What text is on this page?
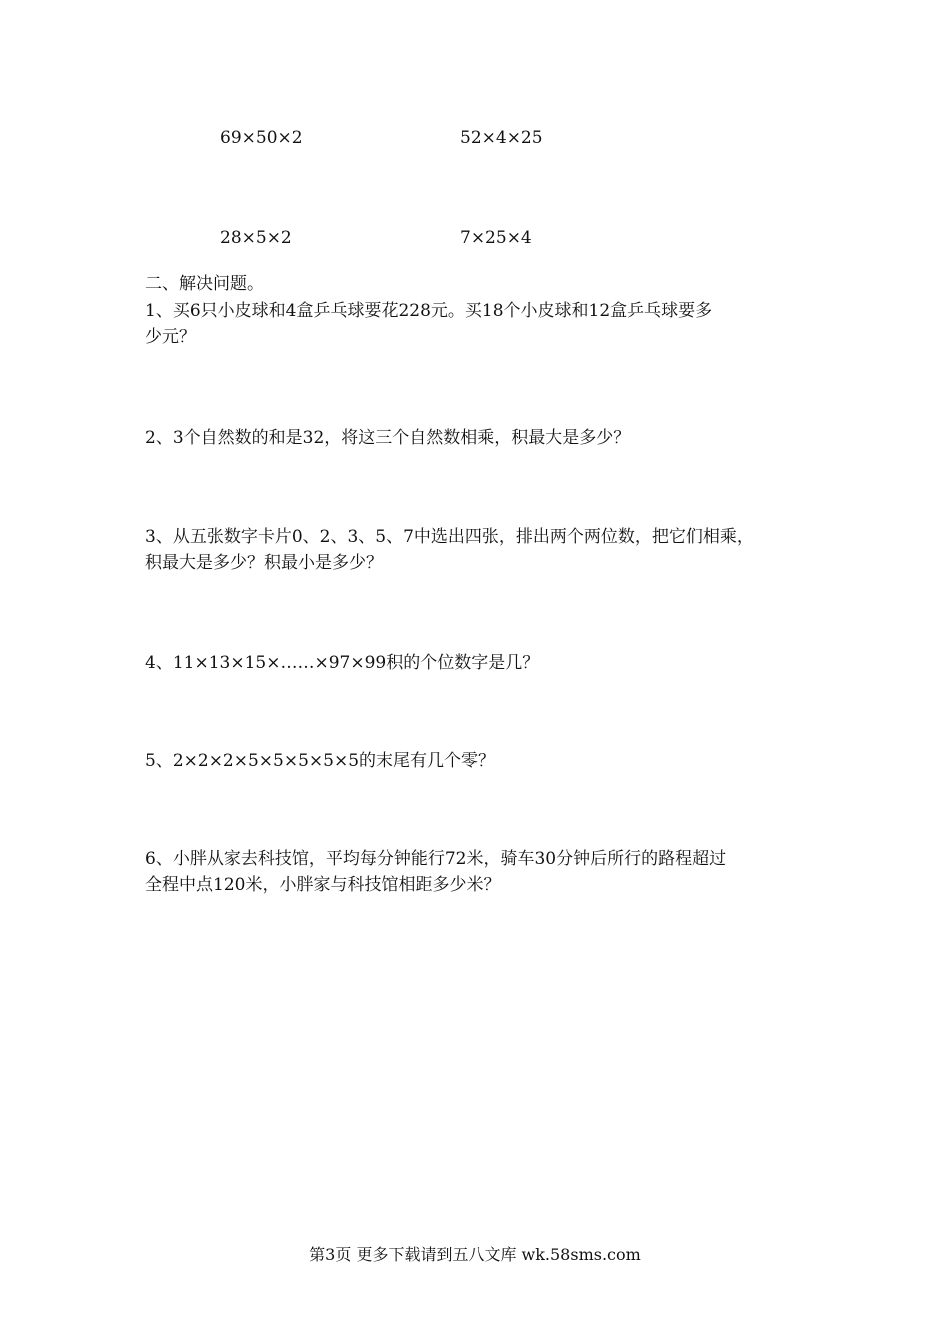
69×50×2	52×4×25
28×5×2	7×25×4
二、解决问题。
1、买6只小皮球和4盒乒乓球要花228元。买18个小皮球和12盒乒乓球要多
少元？
2、3个自然数的和是32，将这三个自然数相乘，积最大是多少？
3、从五张数字卡片0、2、3、5、7中选出四张，排出两个两位数，把它们相乘，
积最大是多少？积最小是多少？
4、11×13×15×……×97×99积的个位数字是几？
5、2×2×2×5×5×5×5×5的末尾有几个零？
6、小胖从家去科技馆，平均每分钟能行72米，骑车30分钟后所行的路程超过
全程中点120米，小胖家与科技馆相距多少米？
第3页 更多下载请到五八文库 wk.58sms.com
